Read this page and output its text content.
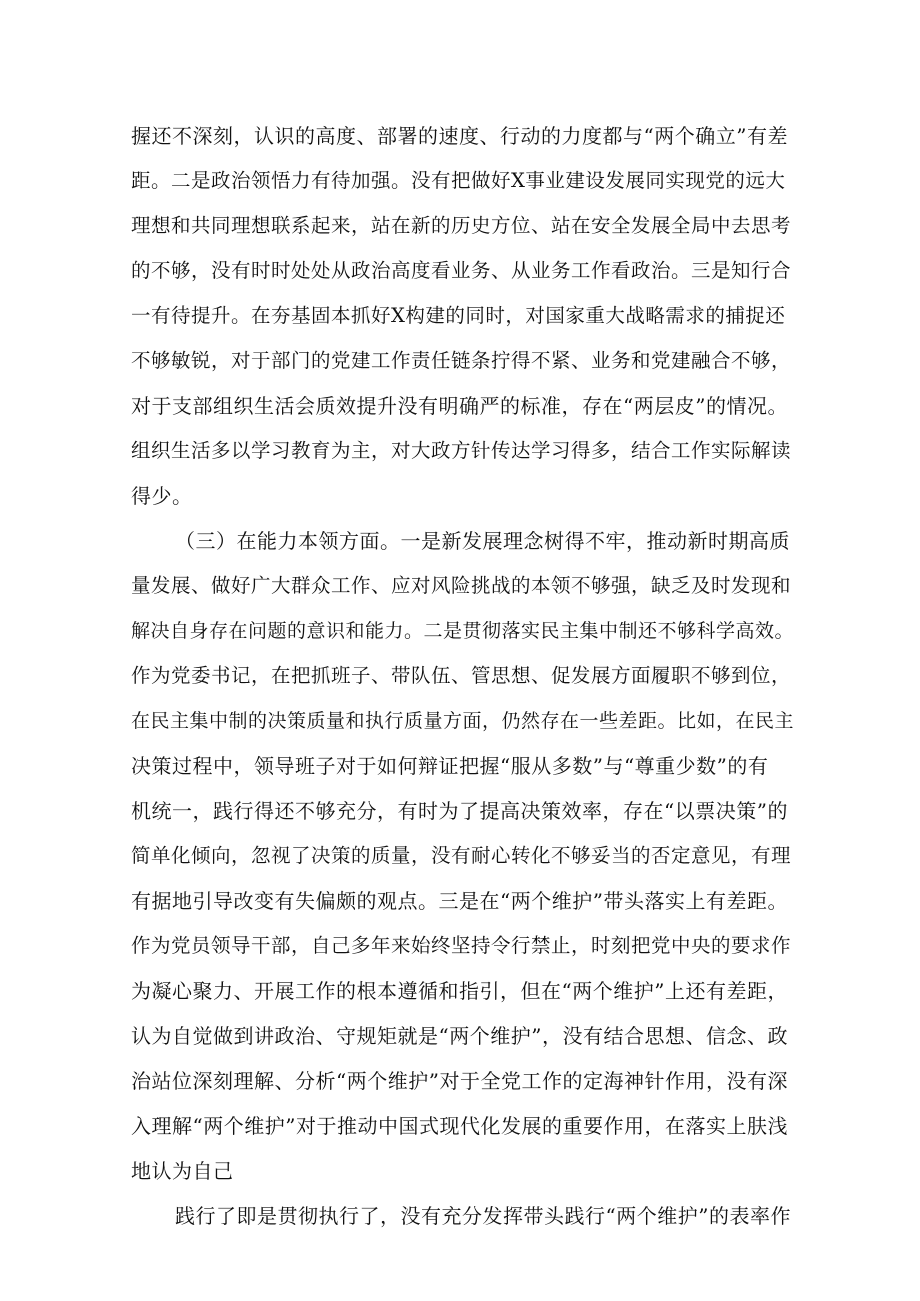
握还不深刻，认识的高度、部署的速度、行动的力度都与“两个确立”有差
距。二是政治领悟力有待加强。没有把做好X事业建设发展同实现党的远大
理想和共同理想联系起来，站在新的历史方位、站在安全发展全局中去思考
的不够，没有时时处处从政治高度看业务、从业务工作看政治。三是知行合
一有待提升。在夯基固本抓好X构建的同时，对国家重大战略需求的捕捉还
不够敏锐，对于部门的党建工作责任链条拧得不紧、业务和党建融合不够，
对于支部组织生活会质效提升没有明确严的标准，存在“两层皮”的情况。
组织生活多以学习教育为主，对大政方针传达学习得多，结合工作实际解读
得少。
（三）在能力本领方面。一是新发展理念树得不牢，推动新时期高质
量发展、做好广大群众工作、应对风险挑战的本领不够强，缺乏及时发现和
解决自身存在问题的意识和能力。二是贯彻落实民主集中制还不够科学高效。
作为党委书记，在把抓班子、带队伍、管思想、促发展方面履职不够到位，
在民主集中制的决策质量和执行质量方面，仍然存在一些差距。比如，在民主
决策过程中，领导班子对于如何辩证把握“服从多数”与“尊重少数”的有
机统一，践行得还不够充分，有时为了提高决策效率，存在“以票决策”的
简单化倾向，忽视了决策的质量，没有耐心转化不够妥当的否定意见，有理
有据地引导改变有失偏颇的观点。三是在“两个维护”带头落实上有差距。
作为党员领导干部，自己多年来始终坚持令行禁止，时刻把党中央的要求作
为凝心聚力、开展工作的根本遵循和指引，但在“两个维护”上还有差距，
认为自觉做到讲政治、守规矩就是“两个维护”，没有结合思想、信念、政
治站位深刻理解、分析“两个维护”对于全党工作的定海神针作用，没有深
入理解“两个维护”对于推动中国式现代化发展的重要作用，在落实上肤浅
地认为自己
践行了即是贯彻执行了，没有充分发挥带头践行“两个维护”的表率作
